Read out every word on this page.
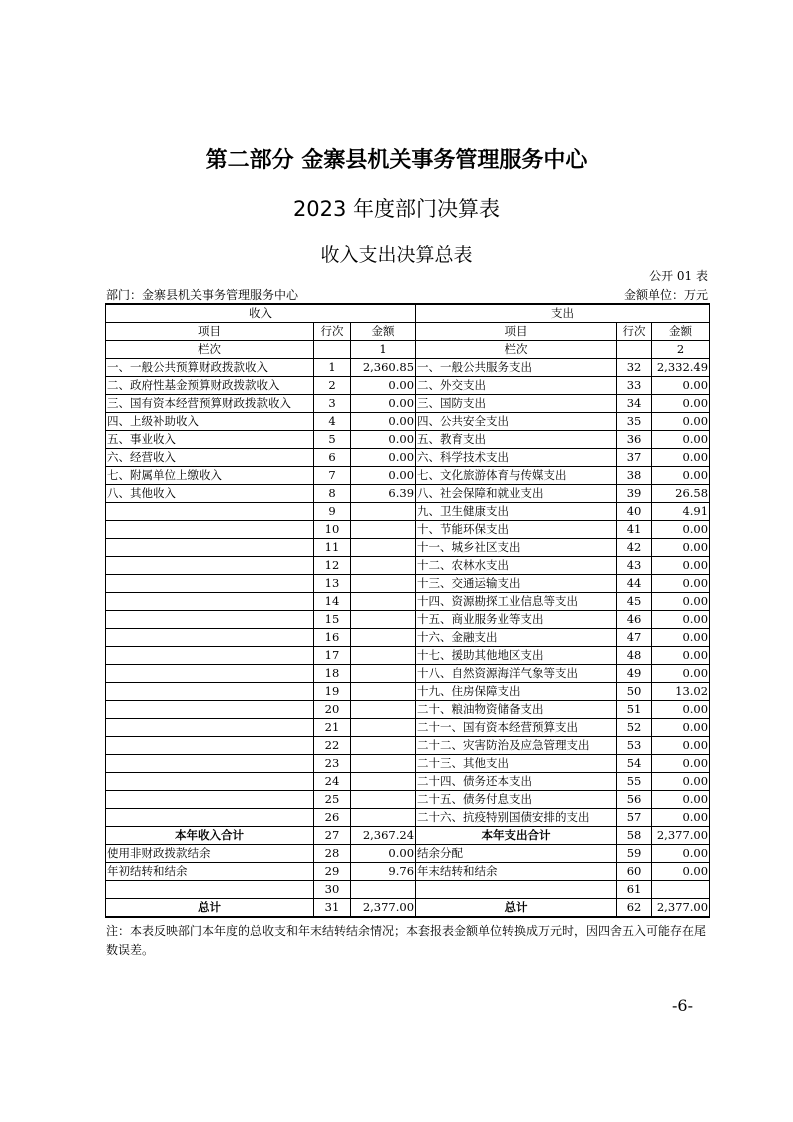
第二部分 金寨县机关事务管理服务中心
2023 年度部门决算表
收入支出决算总表
公开 01 表
部门：金寨县机关事务管理服务中心	金额单位：万元
收入			支出		
项目	行次	金额	项目	行次	金额
栏次		1	栏次		2
一、一般公共预算财政拨款收入	1	2,360.85	一、一般公共服务支出	32	2,332.49
二、政府性基金预算财政拨款收入	2	0.00	二、外交支出	33	0.00
三、国有资本经营预算财政拨款收入	3	0.00	三、国防支出	34	0.00
四、上级补助收入	4	0.00	四、公共安全支出	35	0.00
五、事业收入	5	0.00	五、教育支出	36	0.00
六、经营收入	6	0.00	六、科学技术支出	37	0.00
七、附属单位上缴收入	7	0.00	七、文化旅游体育与传媒支出	38	0.00
八、其他收入	8	6.39	八、社会保障和就业支出	39	26.58
	9		九、卫生健康支出	40	4.91
	10		十、节能环保支出	41	0.00
	11		十一、城乡社区支出	42	0.00
	12		十二、农林水支出	43	0.00
	13		十三、交通运输支出	44	0.00
	14		十四、资源勘探工业信息等支出	45	0.00
	15		十五、商业服务业等支出	46	0.00
	16		十六、金融支出	47	0.00
	17		十七、援助其他地区支出	48	0.00
	18		十八、自然资源海洋气象等支出	49	0.00
	19		十九、住房保障支出	50	13.02
	20		二十、粮油物资储备支出	51	0.00
	21		二十一、国有资本经营预算支出	52	0.00
	22		二十二、灾害防治及应急管理支出	53	0.00
	23		二十三、其他支出	54	0.00
	24		二十四、债务还本支出	55	0.00
	25		二十五、债务付息支出	56	0.00
	26		二十六、抗疫特别国债安排的支出	57	0.00
本年收入合计	27	2,367.24	本年支出合计	58	2,377.00
使用非财政拨款结余	28	0.00	结余分配	59	0.00
年初结转和结余	29	9.76	年末结转和结余	60	0.00
	30			61	
总计	31	2,377.00	总计	62	2,377.00
注：本表反映部门本年度的总收支和年末结转结余情况；本套报表金额单位转换成万元时，因四舍五入可能存在尾数误差。
-6-
